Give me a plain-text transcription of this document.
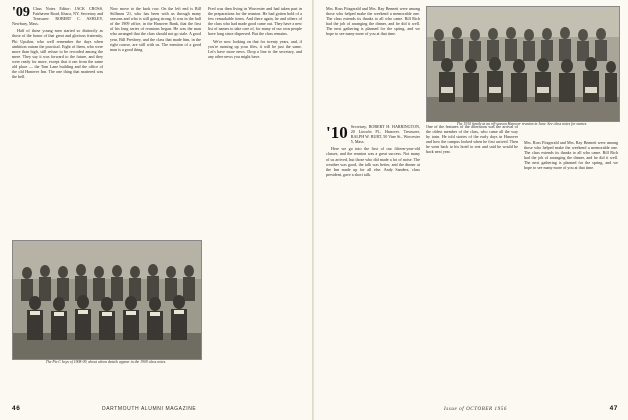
'09 Class Notes Editor: JACK CROSS, Fairhaven Road, Ithaca, NY. Secretary and Treasurer: ROBERT C. ASHLEY, Newbury, Mass.

Half of those young men started so distinctly as those of the honor of that great and glorious fraternity, Phi Upsilon, who well remember the days when ambition outran the practical. Eight of them, who were more than high, still refuse to be recorded among the mere. They say it was forward to the future, and they were ready for more, except that it ran from the same old place — the Tom Lane building and the office of the old Hanover Inn. The one thing that mattered was the bell.

Now move to the back row. On the left end is Bill Stillman '21, who has been with us through many seasons and who is still going strong. It was in the hall of the 1909 office, in the Hanover Bank, that the first of his long series of reunions began. He was the man who arranged that the class should not go stale. A good year, Bill Presbrey, and the class that made him, in the right course, are still with us. The mention of a good man is a good thing.

Fred was then living in Worcester and had taken part in the preparations for the reunion. He had gotten hold of a few remarkable items. And there again, he and others of the class who had made good came out. They have a new list of names to take care of, for many of our own people have long since dispersed. But the class remains.

We're now looking on that for twenty years, and, if you're running up your files, it will be just the same. Let's have more news. Drop a line to the secretary, and any other news you might have.

The Pie C boys of 1908-09, about whom details appear in the 1909 class notes.
46	DARTMOUTH ALUMNI MAGAZINE

Mrs. Ross Fitzgerald and Mrs. Ray Bennett were among those who helped make the weekend a memorable one. The class extends its thanks to all who came. Bill Rich had the job of arranging the dinner, and he did it well. The next gathering is planned for the spring, and we hope to see many more of you at that time.

The 1910 family at an off-season Hanover reunion in June. See class notes for names.
'10 Secretary, ROBERT H. HARRINGTON, 20 Lincoln Pl., Hanover. Treasurer, RALPH W. BURT, 50 Vine St., Worcester 5, Mass.

Here we go into the first of our fifteen-year-old classes, and the reunion was a great success. Not many of us arrived, but those who did made a lot of noise. The weather was good, the talk was better, and the dinner at the Inn made up for all else. Andy Sanders, class president, gave a short talk.

One of the features of the afternoon was the arrival of the oldest member of the class, who came all the way by train. He told stories of the early days in Hanover and how the campus looked when he first arrived. Then he went back to his hotel to rest and said he would be back next year.

Mrs. Ross Fitzgerald and Mrs. Ray Bennett were among those who helped make the weekend a memorable one. The class extends its thanks to all who came. Bill Rich had the job of arranging the dinner, and he did it well. The next gathering is planned for the spring, and we hope to see many more of you at that time.

Issue of OCTOBER 1956	47
